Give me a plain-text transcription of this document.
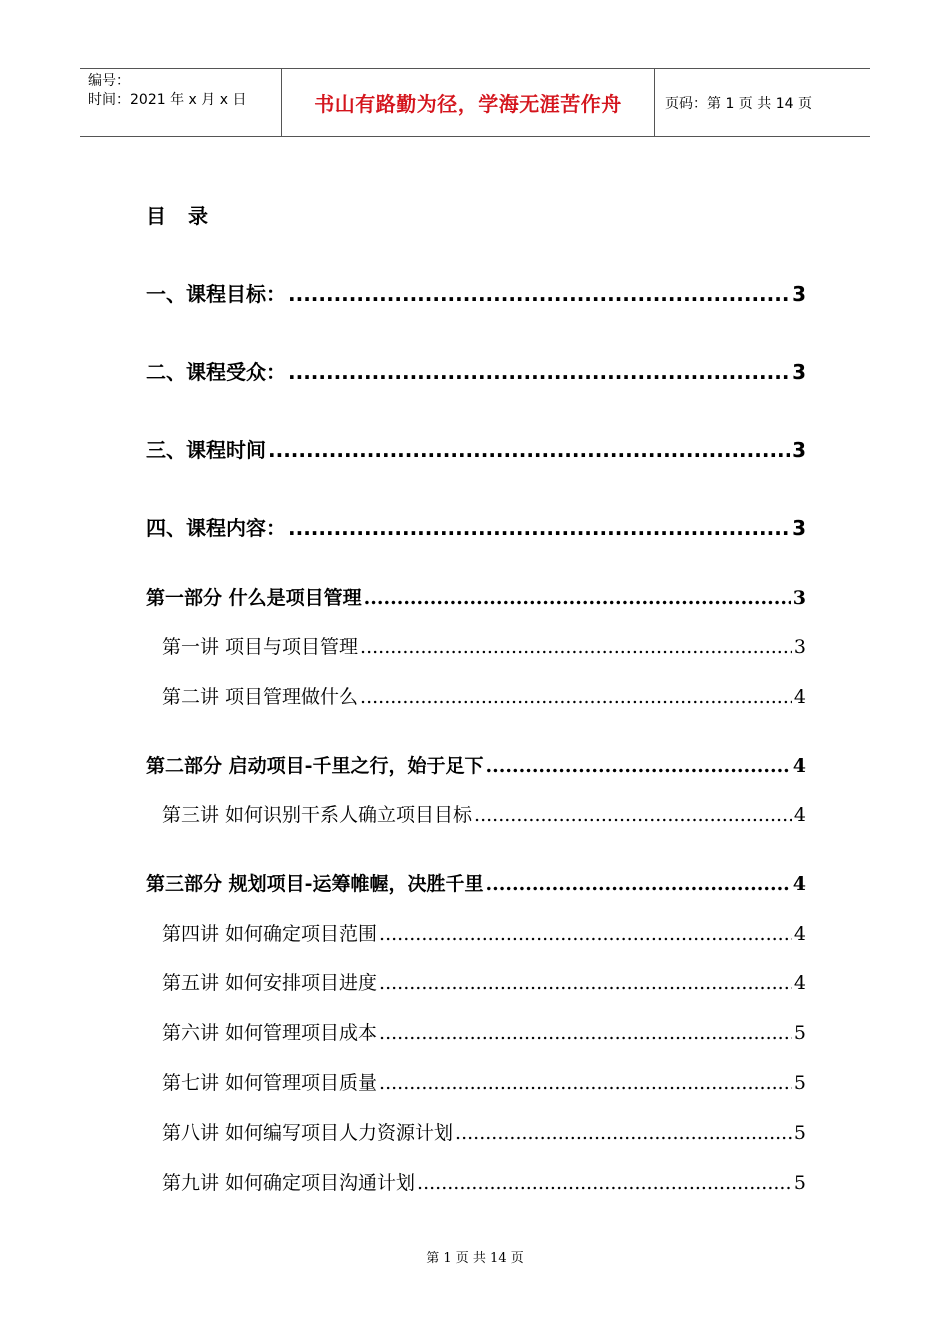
编号：
时间：2021 年 x 月 x 日	书山有路勤为径，学海无涯苦作舟	页码：第 1 页 共 14 页
目录
一、课程目标： .....	3
二、课程受众： .....	3
三、课程时间 .....	3
四、课程内容： .....	3
第一部分 什么是项目管理 .....	3
第一讲 项目与项目管理 .....	3
第二讲 项目管理做什么 .....	4
第二部分 启动项目-千里之行，始于足下 .....	4
第三讲 如何识别干系人确立项目目标 .....	4
第三部分 规划项目-运筹帷幄，决胜千里 .....	4
第四讲 如何确定项目范围 .....	4
第五讲 如何安排项目进度 .....	4
第六讲 如何管理项目成本 .....	5
第七讲 如何管理项目质量 .....	5
第八讲 如何编写项目人力资源计划 .....	5
第九讲 如何确定项目沟通计划 .....	5
第 1 页 共 14 页
